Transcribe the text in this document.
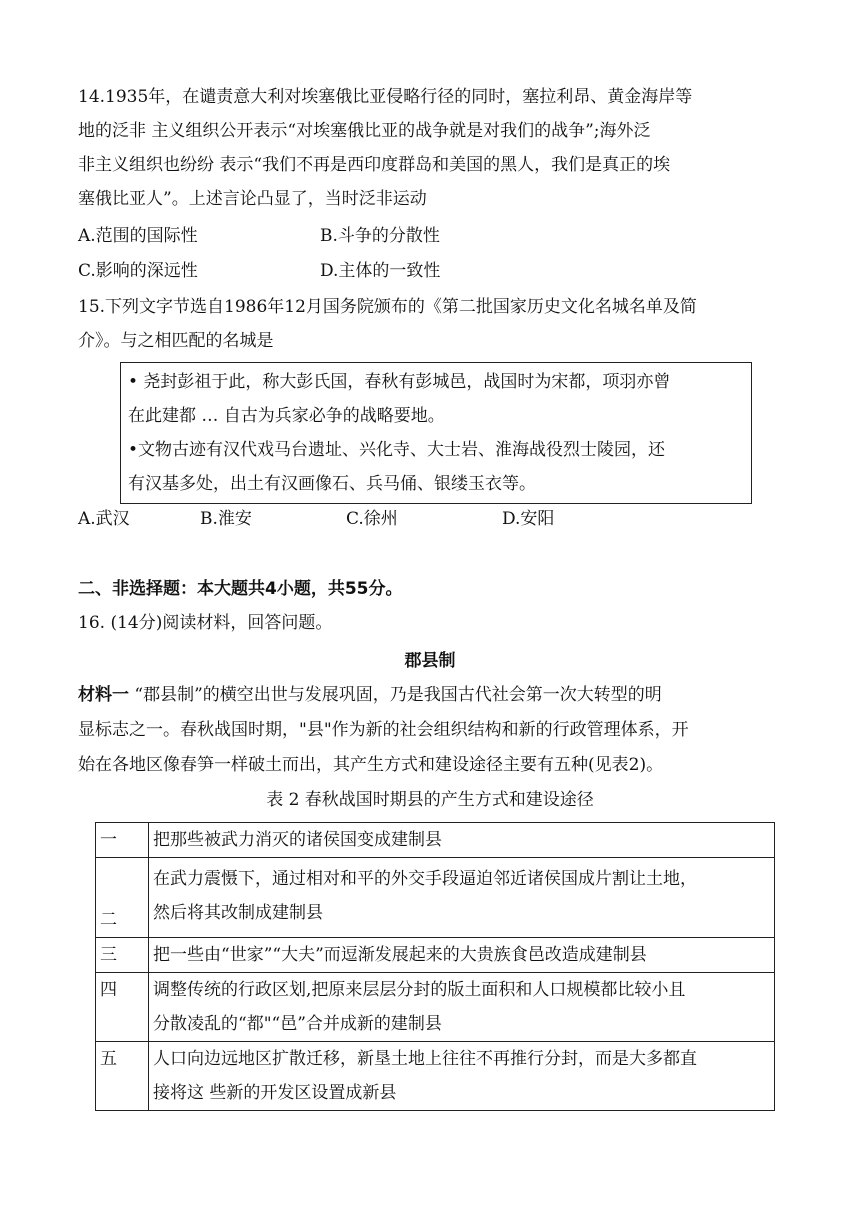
14.1935年，在谴责意大利对埃塞俄比亚侵略行径的同时，塞拉利昂、黄金海岸等
地的泛非 主义组织公开表示“对埃塞俄比亚的战争就是对我们的战争”;海外泛
非主义组织也纷纷 表示“我们不再是西印度群岛和美国的黑人，我们是真正的埃
塞俄比亚人”。上述言论凸显了，当时泛非运动
A.范围的国际性	B.斗争的分散性
C.影响的深远性	D.主体的一致性
15.下列文字节选自1986年12月国务院颁布的《第二批国家历史文化名城名单及简
介》。与之相匹配的名城是

• 尧封彭祖于此，称大彭氏国，春秋有彭城邑，战国时为宋都，项羽亦曾

在此建都 … 自古为兵家必争的战略要地。

•文物古迹有汉代戏马台遗址、兴化寺、大士岩、淮海战役烈士陵园，还

有汉基多处，出土有汉画像石、兵马俑、银缕玉衣等。

A.武汉	B.淮安	C.徐州	D.安阳
二、非选择题：本大题共4小题，共55分。
16. (14分)阅读材料，回答问题。
郡县制
材料一 “郡县制”的横空出世与发展巩固，乃是我国古代社会第一次大转型的明
显标志之一。春秋战国时期，"县"作为新的社会组织结构和新的行政管理体系，开
始在各地区像春笋一样破土而出，其产生方式和建设途径主要有五种(见表2)。
表 2 春秋战国时期县的产生方式和建设途径
一	把那些被武力消灭的诸侯国变成建制县

二	在武力震慑下，通过相对和平的外交手段逼迫邻近诸侯国成片割让土地，
然后将其改制成建制县

三	把一些由“世家”“大夫”而逗渐发展起来的大贵族食邑改造成建制县

四	调整传统的行政区划,把原来层层分封的版土面积和人口规模都比较小且
分散凌乱的“都"“邑”合并成新的建制县

五	人口向边远地区扩散迁移，新垦土地上往往不再推行分封，而是大多都直
接将这 些新的开发区设置成新县
